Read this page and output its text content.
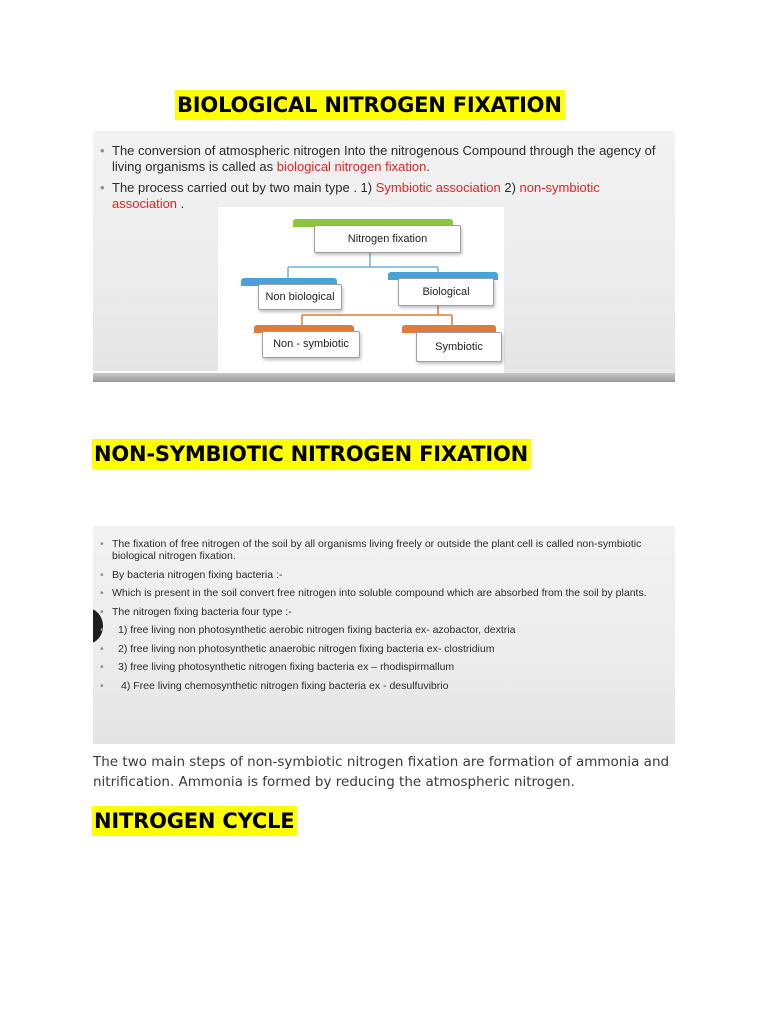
BIOLOGICAL NITROGEN FIXATION
• The conversion of atmospheric nitrogen Into the nitrogenous Compound through the agency of living organisms is called as biological nitrogen fixation.
• The process carried out by two main type . 1) Symbiotic association 2) non-symbiotic association .
Nitrogen fixation
Non biological	Biological
Non - symbiotic	Symbiotic
NON-SYMBIOTIC NITROGEN FIXATION
• The fixation of free nitrogen of the soil by all organisms living freely or outside the plant cell is called non-symbiotic biological nitrogen fixation.
• By bacteria nitrogen fixing bacteria :-
• Which is present in the soil convert free nitrogen into soluble compound which are absorbed from the soil by plants.
• The nitrogen fixing bacteria four type :-
• 1) free living non photosynthetic aerobic nitrogen fixing bacteria ex- azobactor, dextria
• 2) free living non photosynthetic anaerobic nitrogen fixing bacteria ex- clostridium
• 3) free living photosynthetic nitrogen fixing bacteria ex – rhodispirmallum
• 4) Free living chemosynthetic nitrogen fixing bacteria ex - desulfuvibrio
The two main steps of non-symbiotic nitrogen fixation are formation of ammonia and nitrification. Ammonia is formed by reducing the atmospheric nitrogen.
NITROGEN CYCLE
